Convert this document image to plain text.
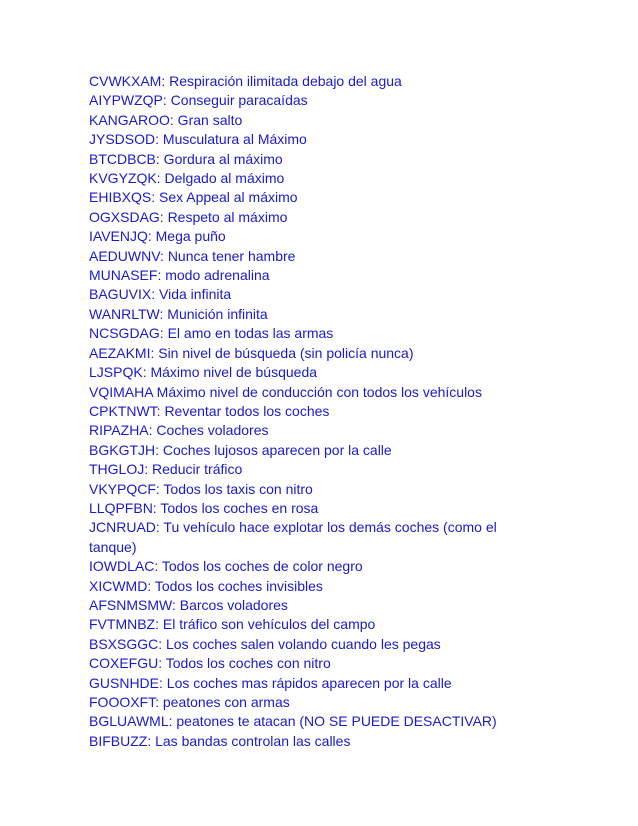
CVWKXAM: Respiración ilimitada debajo del agua
AIYPWZQP: Conseguir paracaídas
KANGAROO: Gran salto
JYSDSOD: Musculatura al Máximo
BTCDBCB: Gordura al máximo
KVGYZQK: Delgado al máximo
EHIBXQS: Sex Appeal al máximo
OGXSDAG: Respeto al máximo
IAVENJQ: Mega puño
AEDUWNV: Nunca tener hambre
MUNASEF: modo adrenalina
BAGUVIX: Vida infinita
WANRLTW: Munición infinita
NCSGDAG: El amo en todas las armas
AEZAKMI: Sin nivel de búsqueda (sin policía nunca)
LJSPQK: Máximo nivel de búsqueda
VQIMAHA Máximo nivel de conducción con todos los vehículos
CPKTNWT: Reventar todos los coches
RIPAZHA: Coches voladores
BGKGTJH: Coches lujosos aparecen por la calle
THGLOJ: Reducir tráfico
VKYPQCF: Todos los taxis con nitro
LLQPFBN: Todos los coches en rosa
JCNRUAD: Tu vehículo hace explotar los demás coches (como el
tanque)
IOWDLAC: Todos los coches de color negro
XICWMD: Todos los coches invisibles
AFSNMSMW: Barcos voladores
FVTMNBZ: El tráfico son vehículos del campo
BSXSGGC: Los coches salen volando cuando les pegas
COXEFGU: Todos los coches con nitro
GUSNHDE: Los coches mas rápidos aparecen por la calle
FOOOXFT: peatones con armas
BGLUAWML: peatones te atacan (NO SE PUEDE DESACTIVAR)
BIFBUZZ: Las bandas controlan las calles
